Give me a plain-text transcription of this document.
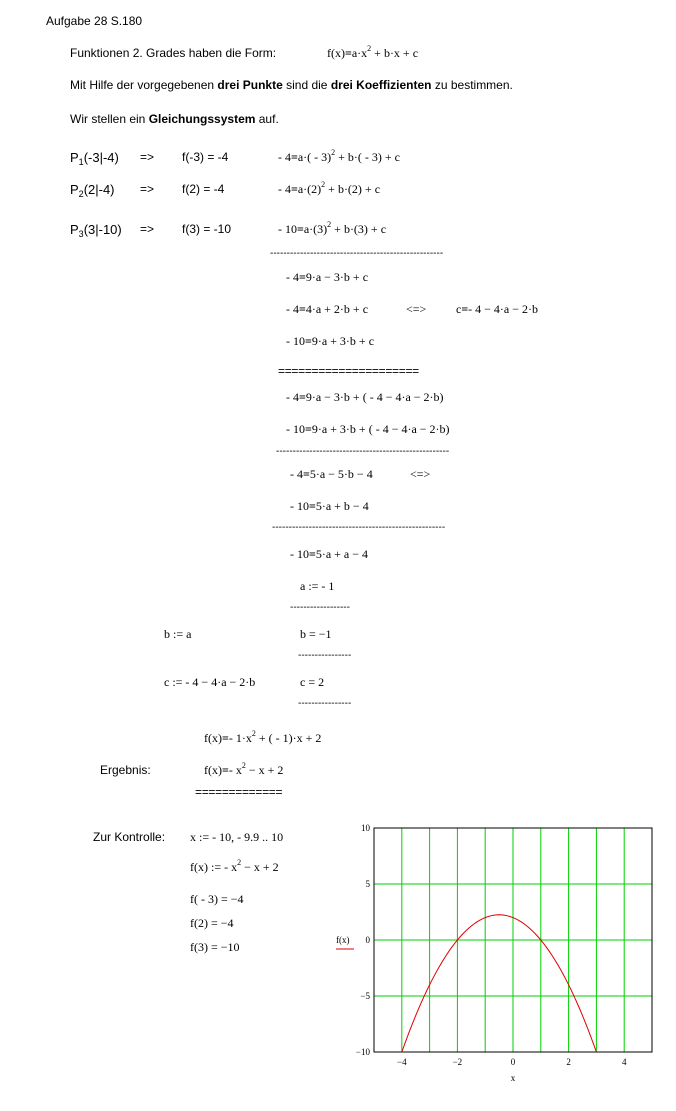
Aufgabe 28 S.180
Funktionen 2. Grades haben die Form:	$f(x)=a\cdot x^2 + b\cdot x + c$
Mit Hilfe der vorgegebenen drei Punkte sind die drei Koeffizienten zu bestimmen.
Wir stellen ein Gleichungssystem auf.
$P_1(-3|-4) => f(-3) = -4$	- 4=a·( - 3)$^2$ + b·( - 3) + c
$P_2(2|-4) => f(2) = -4$	- $4=a\cdot(2)^2 + b\cdot(2) + c$
$P_3(3|-10) => f(3) = -10$	- $10=a\cdot(3)^2 + b\cdot(3) + c$
----------------------------------------------------
- 4=9·a − 3·b + c
- 4=4·a + 2·b + c	<=> c=- 4 − 4·a − 2·b
- 10=9·a + 3·b + c
=====================
- 4=9·a − 3·b + ( - 4 − 4·a − 2·b)
- 10=9·a + 3·b + ( - 4 − 4·a − 2·b)
----------------------------------------------------
- 4=5·a − 5·b − 4	<=>
- 10=5·a + b − 4
----------------------------------------------------
- 10=5·a + a − 4
a := - 1
------------------
b := a	b = −1
----------------
c := - 4 − 4·a − 2·b	c = 2
----------------
f(x)=- $1\cdot x^2$ + ( - 1)·x + 2
Ergebnis:	f(x)=- $x^2 - x + 2$
=============
Zur Kontrolle: x := - 10, - 9.9 .. 10
f(x) := - $x^2 - x + 2$
f( - 3) = −4
f(2) = −4
f(3) = −10
10
5
0
−5
−10
−4	−2	0	2	4
x
f(x)
